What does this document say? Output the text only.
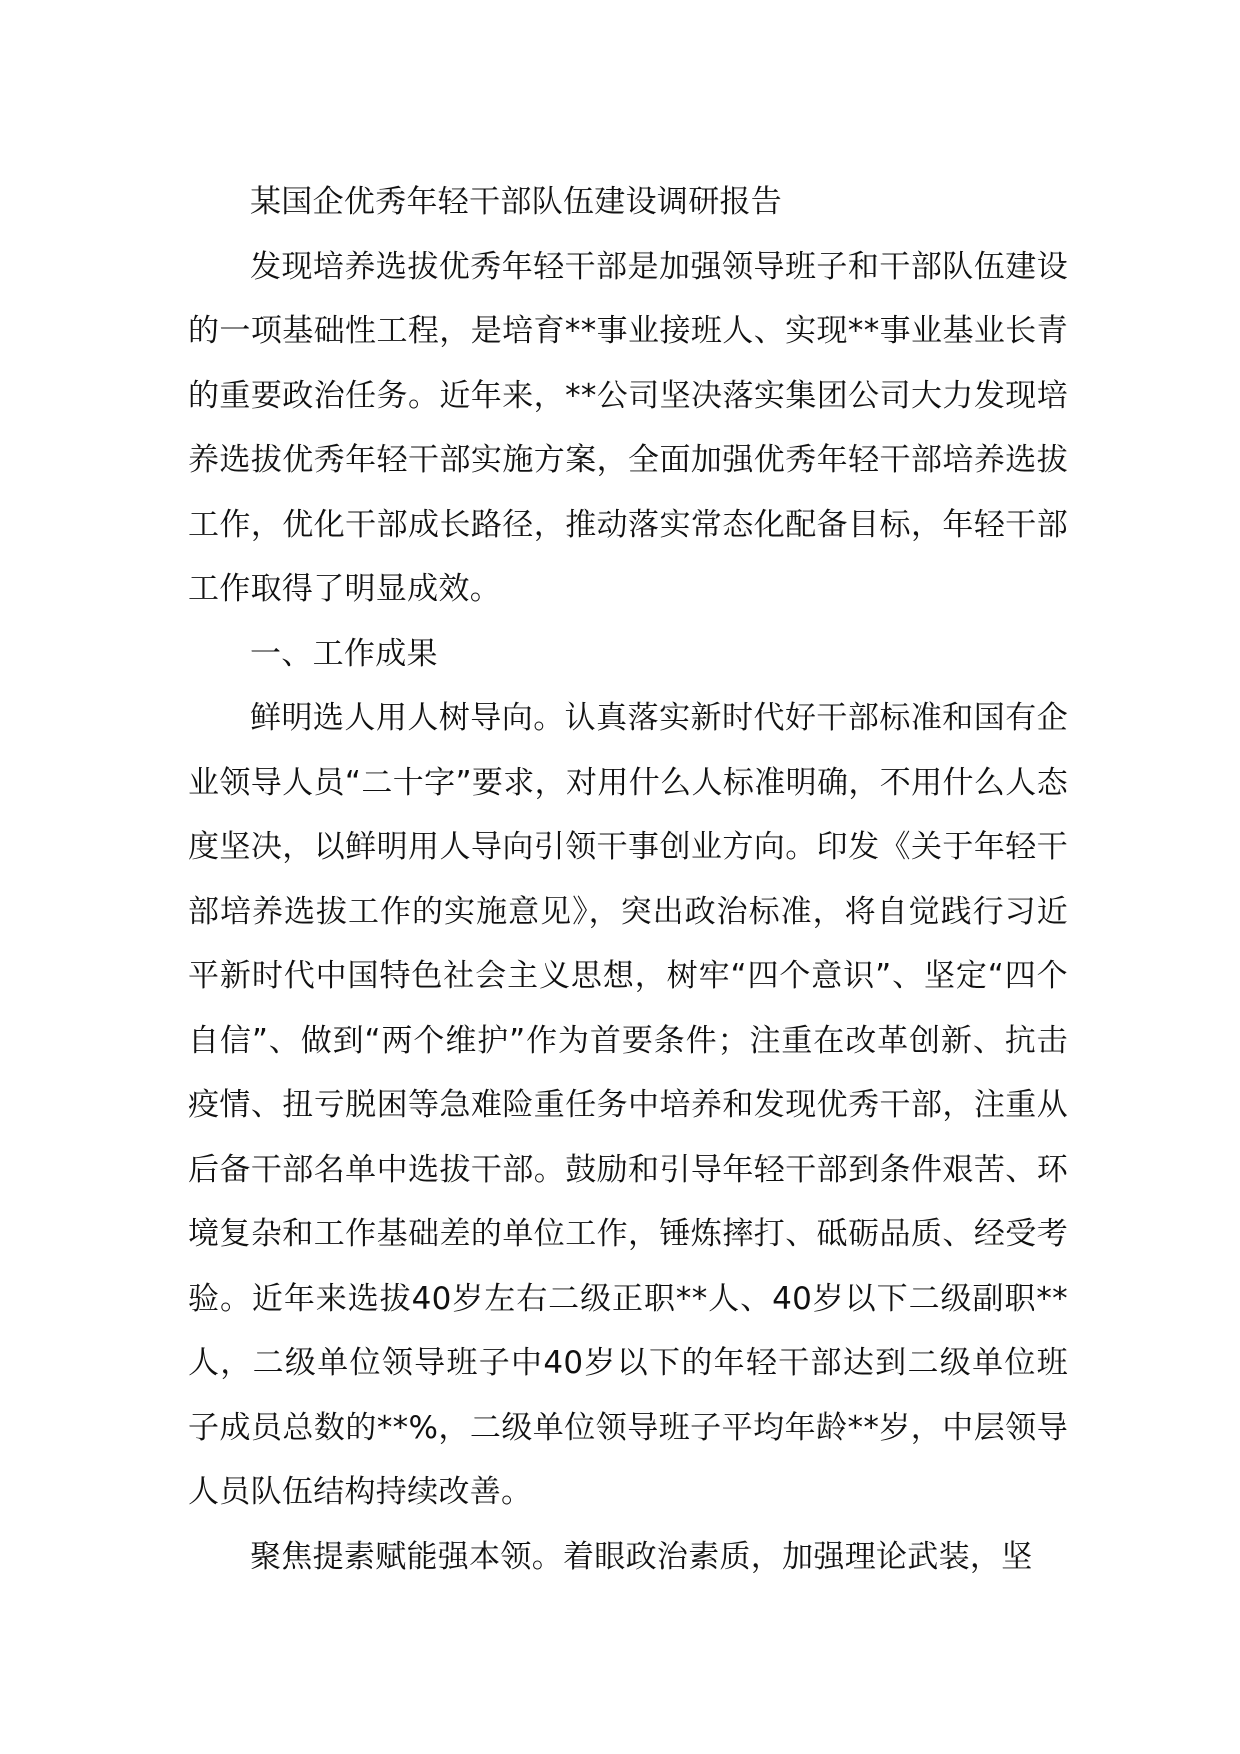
某国企优秀年轻干部队伍建设调研报告

发现培养选拔优秀年轻干部是加强领导班子和干部队伍建设的一项基础性工程，是培育**事业接班人、实现**事业基业长青的重要政治任务。近年来，**公司坚决落实集团公司大力发现培养选拔优秀年轻干部实施方案，全面加强优秀年轻干部培养选拔工作，优化干部成长路径，推动落实常态化配备目标，年轻干部工作取得了明显成效。

一、工作成果

鲜明选人用人树导向。认真落实新时代好干部标准和国有企业领导人员“二十字”要求，对用什么人标准明确，不用什么人态度坚决，以鲜明用人导向引领干事创业方向。印发《关于年轻干部培养选拔工作的实施意见》，突出政治标准，将自觉践行习近平新时代中国特色社会主义思想，树牢“四个意识”、坚定“四个自信”、做到“两个维护”作为首要条件；注重在改革创新、抗击疫情、扭亏脱困等急难险重任务中培养和发现优秀干部，注重从后备干部名单中选拔干部。鼓励和引导年轻干部到条件艰苦、环境复杂和工作基础差的单位工作，锤炼摔打、砥砺品质、经受考验。近年来选拔40岁左右二级正职**人、40岁以下二级副职**人，二级单位领导班子中40岁以下的年轻干部达到二级单位班子成员总数的**%，二级单位领导班子平均年龄**岁，中层领导人员队伍结构持续改善。

聚焦提素赋能强本领。着眼政治素质，加强理论武装，坚
